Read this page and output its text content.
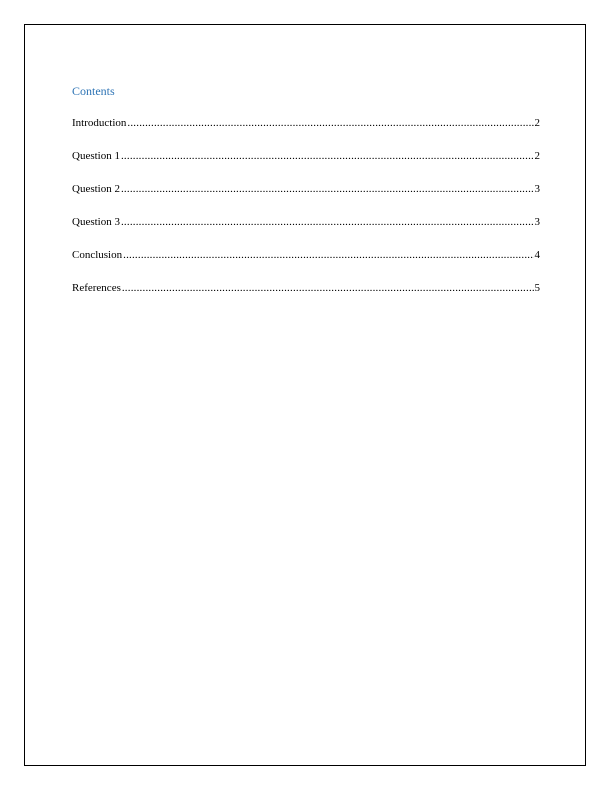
Contents
Introduction .....	2
Question 1 .....	2
Question 2 .....	3
Question 3 .....	3
Conclusion .....	4
References .....	5
